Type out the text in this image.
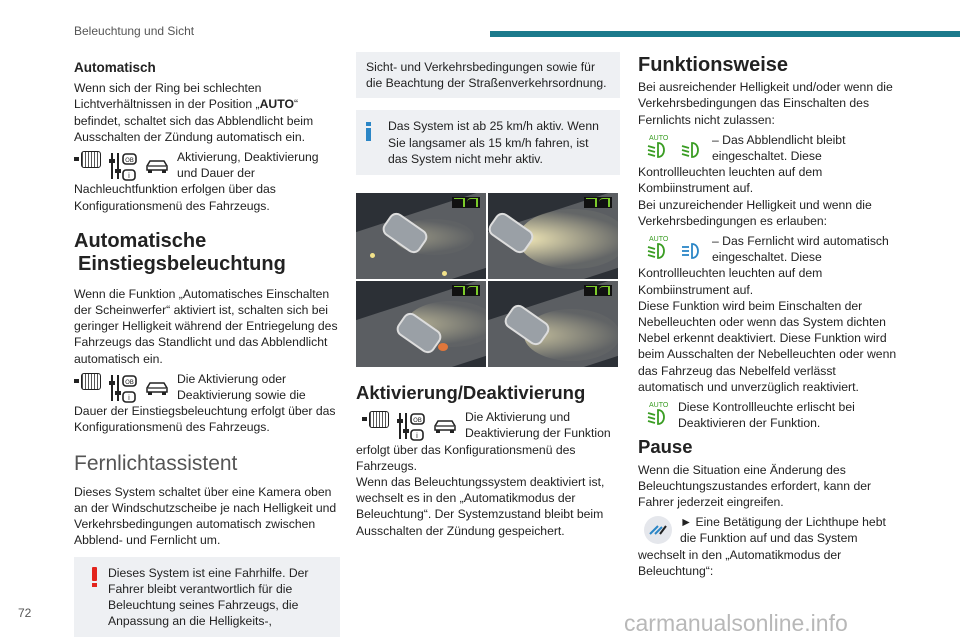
Beleuchtung und Sicht
Automatisch
Wenn sich der Ring bei schlechten Lichtverhältnissen in der Position „AUTO“ befindet, schaltet sich das Abblendlicht beim Ausschalten der Zündung automatisch ein.
Aktivierung, Deaktivierung und Dauer der Nachleuchtfunktion erfolgen über das Konfigurationsmenü des Fahrzeugs.
Automatische
Einstiegsbeleuchtung
Wenn die Funktion „Automatisches Einschalten der Scheinwerfer“ aktiviert ist, schalten sich bei geringer Helligkeit während der Entriegelung des Fahrzeugs das Standlicht und das Abblendlicht automatisch ein.
Die Aktivierung oder Deaktivierung sowie die Dauer der Einstiegsbeleuchtung erfolgt über das Konfigurationsmenü des Fahrzeugs.
Fernlichtassistent
Dieses System schaltet über eine Kamera oben an der Windschutzscheibe je nach Helligkeit und Verkehrsbedingungen automatisch zwischen Abblend- und Fernlicht um.
Dieses System ist eine Fahrhilfe. Der Fahrer bleibt verantwortlich für die Beleuchtung seines Fahrzeugs, die Anpassung an die Helligkeits-,
Sicht- und Verkehrsbedingungen sowie für die Beachtung der Straßenverkehrsordnung.
Das System ist ab 25 km/h aktiv. Wenn Sie langsamer als 15 km/h fahren, ist das System nicht mehr aktiv.
Aktivierung/Deaktivierung
Die Aktivierung und Deaktivierung der Funktion erfolgt über das Konfigurationsmenü des Fahrzeugs.
Wenn das Beleuchtungssystem deaktiviert ist, wechselt es in den „Automatikmodus der Beleuchtung“. Der Systemzustand bleibt beim Ausschalten der Zündung gespeichert.
Funktionsweise
Bei ausreichender Helligkeit und/oder wenn die Verkehrsbedingungen das Einschalten des Fernlichts nicht zulassen:
AUTO	– Das Abblendlicht bleibt eingeschaltet. Diese Kontrollleuchten leuchten auf dem Kombiinstrument auf.
Bei unzureichender Helligkeit und wenn die Verkehrsbedingungen es erlauben:
AUTO	– Das Fernlicht wird automatisch eingeschaltet. Diese Kontrollleuchten leuchten auf dem Kombiinstrument auf.
Diese Funktion wird beim Einschalten der Nebelleuchten oder wenn das System dichten Nebel erkennt deaktiviert. Diese Funktion wird beim Ausschalten der Nebelleuchten oder wenn das Fahrzeug das Nebelfeld verlässt automatisch und unverzüglich reaktiviert.
AUTO Diese Kontrollleuchte erlischt bei Deaktivieren der Funktion.
Pause
Wenn die Situation eine Änderung des Beleuchtungszustandes erfordert, kann der Fahrer jederzeit eingreifen.
► Eine Betätigung der Lichthupe hebt die Funktion auf und das System wechselt in den „Automatikmodus der Beleuchtung“:
72	carmanualsonline.info
